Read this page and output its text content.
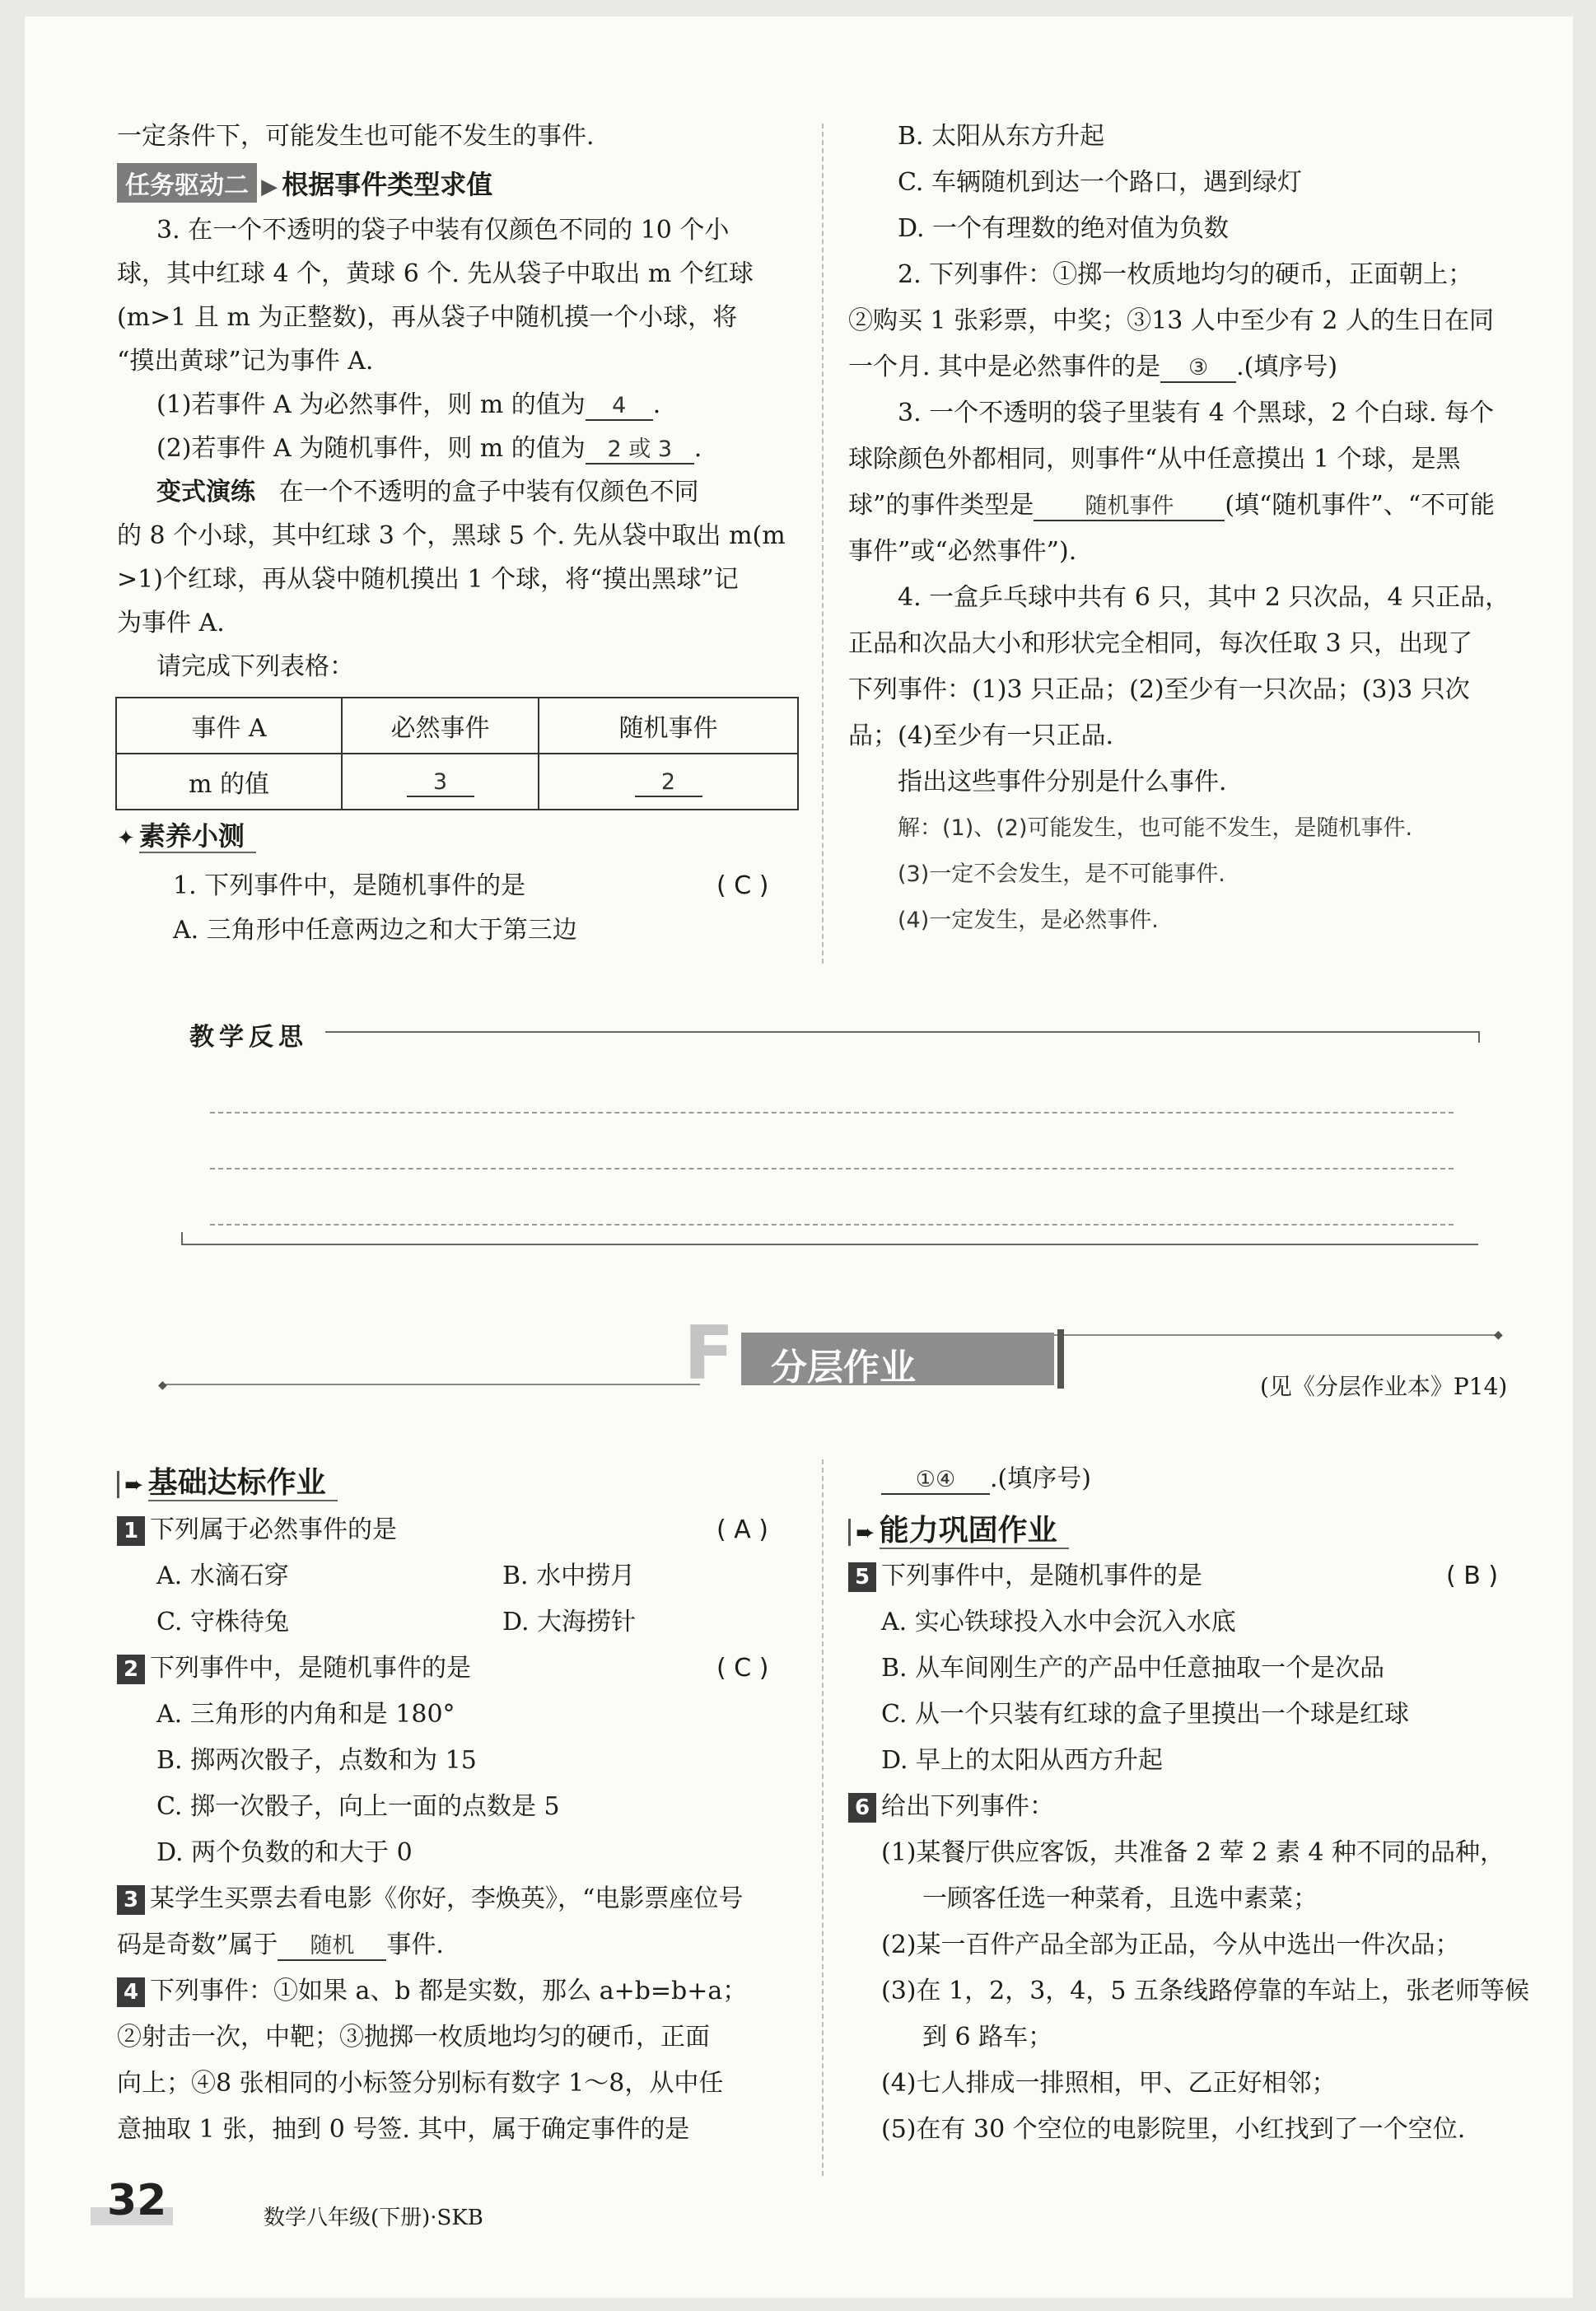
一定条件下，可能发生也可能不发生的事件.
任务驱动二 ▶ 根据事件类型求值
3. 在一个不透明的袋子中装有仅颜色不同的 10 个小
球，其中红球 4 个，黄球 6 个. 先从袋子中取出 m 个红球
(m>1 且 m 为正整数)，再从袋子中随机摸一个小球，将
“摸出黄球”记为事件 A.
(1)若事件 A 为必然事件，则 m 的值为 4 .
(2)若事件 A 为随机事件，则 m 的值为 2 或 3 .
变式演练 在一个不透明的盒子中装有仅颜色不同
的 8 个小球，其中红球 3 个，黑球 5 个. 先从袋中取出 m(m
>1)个红球，再从袋中随机摸出 1 个球，将“摸出黑球”记
为事件 A.
请完成下列表格：
事件 A	必然事件	随机事件
m 的值	3	2
✦ 素养小测
1. 下列事件中，是随机事件的是	( C )
A. 三角形中任意两边之和大于第三边
B. 太阳从东方升起
C. 车辆随机到达一个路口，遇到绿灯
D. 一个有理数的绝对值为负数
2. 下列事件：①掷一枚质地均匀的硬币，正面朝上；
②购买 1 张彩票，中奖；③13 人中至少有 2 人的生日在同
一个月. 其中是必然事件的是 ③ .(填序号)
3. 一个不透明的袋子里装有 4 个黑球，2 个白球. 每个
球除颜色外都相同，则事件“从中任意摸出 1 个球，是黑
球”的事件类型是 随机事件 (填“随机事件”、“不可能
事件”或“必然事件”).
4. 一盒乒乓球中共有 6 只，其中 2 只次品，4 只正品，
正品和次品大小和形状完全相同，每次任取 3 只，出现了
下列事件：(1)3 只正品；(2)至少有一只次品；(3)3 只次
品；(4)至少有一只正品.
指出这些事件分别是什么事件.
解：(1)、(2)可能发生，也可能不发生，是随机事件.
(3)一定不会发生，是不可能事件.
(4)一定发生，是必然事件.
教学反思
◆
◆
F	分层作业	(见《分层作业本》P14)
➨ 基础达标作业
1 下列属于必然事件的是	( A )
A. 水滴石穿	B. 水中捞月
C. 守株待兔	D. 大海捞针
2 下列事件中，是随机事件的是	( C )
A. 三角形的内角和是 180°
B. 掷两次骰子，点数和为 15
C. 掷一次骰子，向上一面的点数是 5
D. 两个负数的和大于 0
3 某学生买票去看电影《你好，李焕英》，“电影票座位号
码是奇数”属于 随机 事件.
4 下列事件：①如果 a、b 都是实数，那么 a+b=b+a；
②射击一次，中靶；③抛掷一枚质地均匀的硬币，正面
向上；④8 张相同的小标签分别标有数字 1～8，从中任
意抽取 1 张，抽到 0 号签. 其中，属于确定事件的是
①④ .(填序号)
➨ 能力巩固作业
5 下列事件中，是随机事件的是	( B )
A. 实心铁球投入水中会沉入水底
B. 从车间刚生产的产品中任意抽取一个是次品
C. 从一个只装有红球的盒子里摸出一个球是红球
D. 早上的太阳从西方升起
6 给出下列事件：
(1)某餐厅供应客饭，共准备 2 荤 2 素 4 种不同的品种，
一顾客任选一种菜肴，且选中素菜；
(2)某一百件产品全部为正品，今从中选出一件次品；
(3)在 1，2，3，4，5 五条线路停靠的车站上，张老师等候
到 6 路车；
(4)七人排成一排照相，甲、乙正好相邻；
(5)在有 30 个空位的电影院里，小红找到了一个空位.
32	数学八年级(下册)·SKB
